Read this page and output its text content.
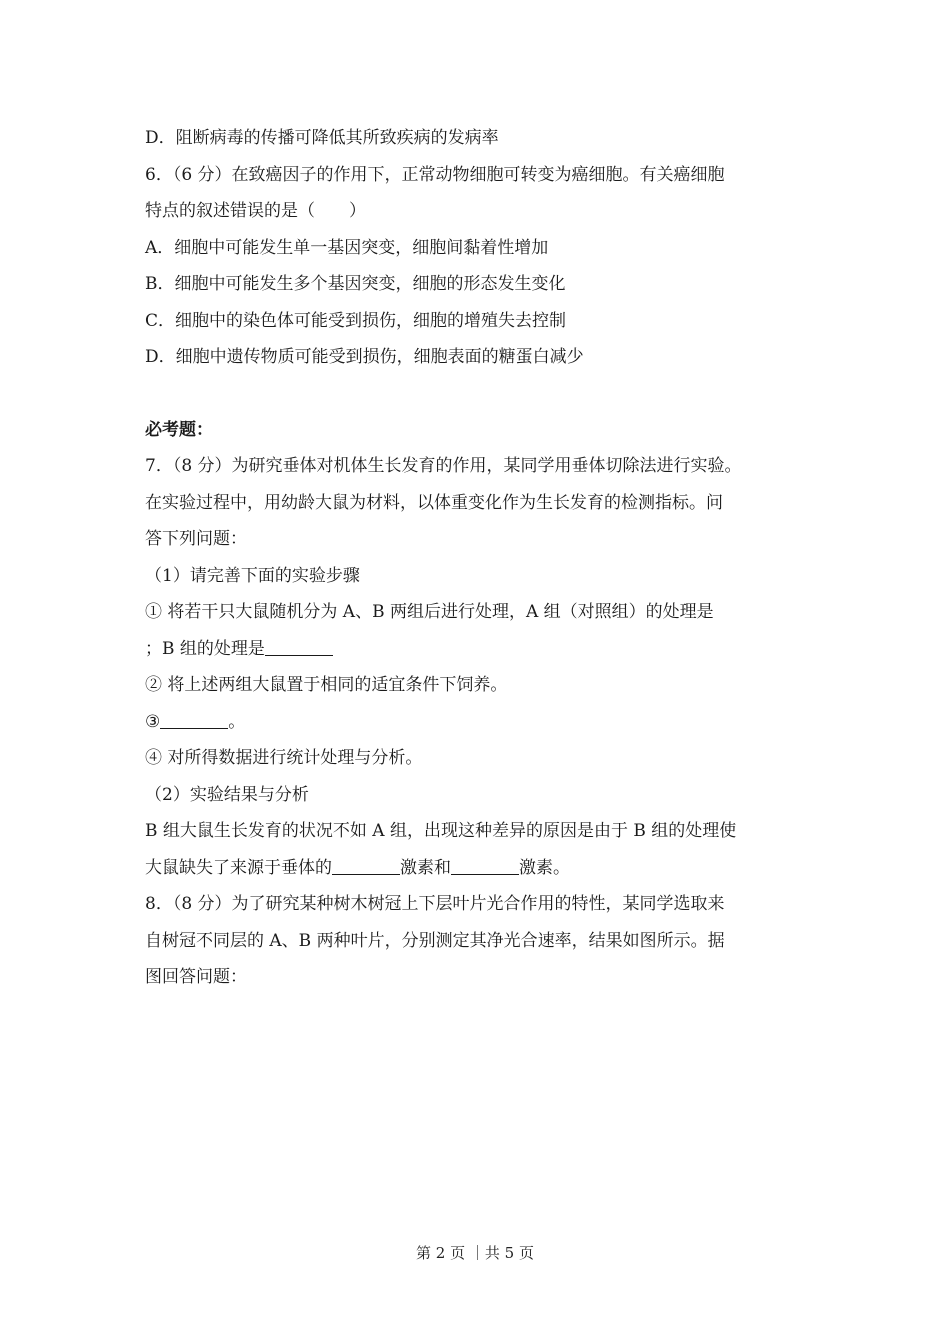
D．阻断病毒的传播可降低其所致疾病的发病率
6．（6 分）在致癌因子的作用下，正常动物细胞可转变为癌细胞。有关癌细胞
特点的叙述错误的是（　　）
A．细胞中可能发生单一基因突变，细胞间黏着性增加
B．细胞中可能发生多个基因突变，细胞的形态发生变化
C．细胞中的染色体可能受到损伤，细胞的增殖失去控制
D．细胞中遗传物质可能受到损伤，细胞表面的糖蛋白减少
必考题：
7．（8 分）为研究垂体对机体生长发育的作用，某同学用垂体切除法进行实验。
在实验过程中，用幼龄大鼠为材料，以体重变化作为生长发育的检测指标。问
答下列问题：
（1）请完善下面的实验步骤
① 将若干只大鼠随机分为 A、B 两组后进行处理，A 组（对照组）的处理是
；B 组的处理是
② 将上述两组大鼠置于相同的适宜条件下饲养。
③	。
④ 对所得数据进行统计处理与分析。
（2）实验结果与分析
B 组大鼠生长发育的状况不如 A 组，出现这种差异的原因是由于 B 组的处理使
大鼠缺失了来源于垂体的	激素和	激素。
8．（8 分）为了研究某种树木树冠上下层叶片光合作用的特性，某同学选取来
自树冠不同层的 A、B 两种叶片，分别测定其净光合速率，结果如图所示。据
图回答问题：
第 2 页 ｜共 5 页
